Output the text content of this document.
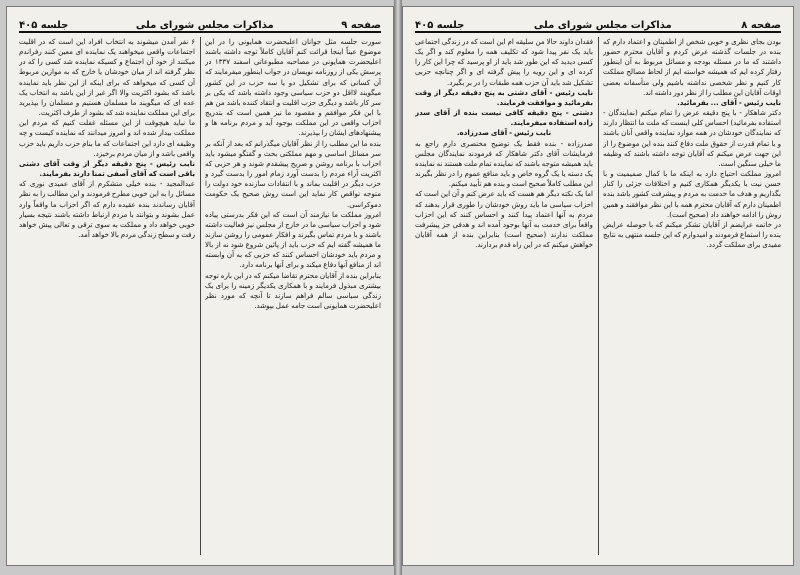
صفحه ۹
مذاکرات مجلس شورای ملی
جلسه ۴۰۵

سورت جلسه مثل جوانان اعلیحضرت همایونی را در این موضوع عیناً اینجا قرائت کنم آقایان کاملاً توجه داشته باشند اعلیحضرت همایونی در مصاحبه مطبوعاتی اسفند ۱۳۳۷ در پرسش یکی از روزنامه نویسان در جواب اینطور میفرمایند که آن کسانی که برای تشکیل دو یا سه حزب در این کشور میگویند لااقل دو حزب سیاسی وجود داشته باشد که یکی بر سر کار باشد و دیگری حزب اقلیت و انتقاد کننده باشد من هم با این فکر موافقم و مقصود ما نیز همین است که بتدریج احزاب واقعی در این مملکت بوجود آید و مردم برنامه ها و پیشنهادهای ایشان را بپذیرند.

بنده ما این مطلب را از نظر آقایان میگذرانم که بعد از آنکه بر سر مسائل اساسی و مهم مملکتی بحث و گفتگو میشود باید احزاب با برنامه روشن و صریح پیشقدم شوند و هر حزبی که اکثریت آراء مردم را بدست آورد زمام امور را بدست گیرد و حزب دیگر در اقلیت بماند و با انتقادات سازنده خود دولت را متوجه نواقص کار نماید این است روش صحیح یک حکومت دموکراسی.

امروز مملکت ما نیازمند آن است که این فکر بدرستی پیاده شود و احزاب سیاسی ما در خارج از مجلس نیز فعالیت داشته باشند و با مردم تماس بگیرند و افکار عمومی را روشن سازند ما همیشه گفته ایم که حزب باید از پائین شروع شود نه از بالا و مردم باید خودشان احساس کنند که حزبی که به آن وابسته اند از منافع آنها دفاع میکند و برای آنها برنامه دارد.

بنابراین بنده از آقایان محترم تقاضا میکنم که در این باره توجه بیشتری مبذول فرمایند و با همکاری یکدیگر زمینه را برای یک زندگی سیاسی سالم فراهم سازند تا آنچه که مورد نظر اعلیحضرت همایونی است جامه عمل بپوشد.

۶ نفر آمدن میشوند به انتخاب افراد این است که در اقلیت اجتماعات واقعی میخواهند یک نماینده ای معین کنند رفراندم میکنند از خود آن اجتماع و کسیکه نماینده شد کسی را که در نظر گرفته اند از میان خودشان یا خارج که به موازین مربوط آن کسی که میخواهد که برای اینکه از این نظر باید نماینده باشد که بشود اکثریت والا اگر غیر از این باشد به انتخاب یک عده ای که میگویند ما مسلمان هستیم و مسلمان را بپذیرید برای این مملکت نماینده شد که بشود از طرف اکثریت.

ما نباید هیچوقت از این مسئله غفلت کنیم که مردم این مملکت بیدار شده اند و امروز میدانند که نماینده کیست و چه وظیفه ای دارد این اجتماعات که ما بنام حزب داریم باید حزب واقعی باشد و از میان مردم برخیزد.

نایب رئیس - پنج دقیقه دیگر از وقت آقای دشتی باقی است که آقای آصفی تمنا دارند بفرمایند.

عبدالمجید - بنده خیلی متشکرم از آقای عمیدی نوری که مسائل را به این خوبی مطرح فرمودند و این مطالب را به نظر آقایان رساندند بنده عقیده دارم که اگر احزاب ما واقعاً وارد عمل بشوند و بتوانند با مردم ارتباط داشته باشند نتیجه بسیار خوبی خواهد داد و مملکت به سوی ترقی و تعالی پیش خواهد رفت و سطح زندگی مردم بالا خواهد آمد.

صفحه ۸
مذاکرات مجلس شورای ملی
جلسه ۴۰۵

بودن بجای نظری و خوبی شخص از اطمینان و اعتماد دارم که بنده در جلسات گذشته عرض کردم و آقایان محترم حضور داشتند که ما در مسئله بودجه و مسائل مربوط به آن اینطور رفتار کرده ایم که همیشه خواسته ایم از لحاظ مصالح مملکت کار کنیم و نظر شخصی نداشته باشیم ولی متأسفانه بعضی اوقات آقایان این مطلب را از نظر دور داشته اند.

نایب رئیس - آقای ... بفرمائید.

دکتر شاهکار - با پنج دقیقه عرض را تمام میکنم (نمایندگان - استفاده بفرمائید) احساس کلی اینست که ملت ما انتظار دارند که نمایندگان خودشان در همه موارد نماینده واقعی آنان باشند و با تمام قدرت از حقوق ملت دفاع کنند بنده این موضوع را از این جهت عرض میکنم که آقایان توجه داشته باشند که وظیفه ما خیلی سنگین است.

امروز مملکت احتیاج دارد به اینکه ما با کمال صمیمیت و با حسن نیت با یکدیگر همکاری کنیم و اختلافات جزئی را کنار بگذاریم و هدف ما خدمت به مردم و پیشرفت کشور باشد بنده اطمینان دارم که آقایان محترم همه با این نظر موافقند و همین روش را ادامه خواهند داد (صحیح است).

در خاتمه عرایضم از آقایان تشکر میکنم که با حوصله عرایض بنده را استماع فرمودند و امیدوارم که این جلسه منتهی به نتایج مفیدی برای مملکت گردد.

فقدان داوند حالا من سلیقه ام این است که در زندگی اجتماعی باید یک نفر پیدا شود که تکلیف همه را معلوم کند و اگر یک کسی دیدید که این طور شد باید از او پرسید که چرا این کار را کرده ای و این رویه را پیش گرفته ای و اگر چنانچه حزبی تشکیل شد باید آن حزب همه طبقات را در بر بگیرد.

نایب رئیس - آقای دشتی به پنج دقیقه دیگر از وقت بفرمائید و موافقت فرمایند.

دشتی - پنج دقیقه کافی نیست بنده از آقای سدر زاده استفاده میفرمایند.

نایب رئیس - آقای صدرزاده.

صدرزاده - بنده فقط یک توضیح مختصری دارم راجع به فرمایشات آقای دکتر شاهکار که فرمودند نمایندگان مجلس باید همیشه متوجه باشند که نماینده تمام ملت هستند نه نماینده یک دسته یا یک گروه خاص و باید منافع عموم را در نظر بگیرند این مطلب کاملاً صحیح است و بنده هم تأیید میکنم.

اما یک نکته دیگر هم هست که باید عرض کنم و آن این است که احزاب سیاسی ما باید روش خودشان را طوری قرار بدهند که مردم به آنها اعتماد پیدا کنند و احساس کنند که این احزاب واقعاً برای خدمت به آنها بوجود آمده اند و هدفی جز پیشرفت مملکت ندارند (صحیح است) بنابراین بنده از همه آقایان خواهش میکنم که در این راه قدم بردارند.
